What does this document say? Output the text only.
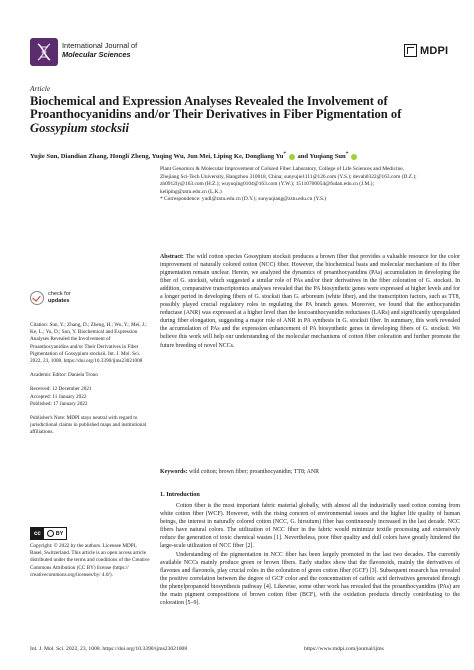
International Journal of
Molecular Sciences	MDPI
Article
Biochemical and Expression Analyses Revealed the Involvement of Proanthocyanidins and/or Their Derivatives in Fiber Pigmentation of Gossypium stocksii
Yujie Sun, Diandian Zhang, Hongli Zheng, Yuqing Wu, Jun Mei, Liping Ke, Dongliang Yu*  and Yuqiang Sun*
Plant Genomics & Molecular Improvement of Colored Fiber Laboratory, College of Life Sciences and Medicine,
Zhejiang Sci-Tech University, Hangzhou 310018, China; sunyujie1111@126.com (Y.S.); devah0322@163.com (D.Z.);
zh0912ly@163.com (H.Z.); wuyuqing0104@163.com (Y.W.); 15110700054@fudan.edu.cn (J.M.);
keliping@zstu.edu.cn (L.K.)
* Correspondence: yudl@zstu.edu.cn (D.Y.); sunyuqiang@zstu.edu.cn (Y.S.)
Abstract: The wild cotton species Gossypium stocksii produces a brown fiber that provides a valuable resource for the color improvement of naturally colored cotton (NCC) fiber. However, the biochemical basis and molecular mechanism of its fiber pigmentation remain unclear. Herein, we analyzed the dynamics of proanthocyanidins (PAs) accumulation in developing the fiber of G. stocksii, which suggested a similar role of PAs and/or their derivatives in the fiber coloration of G. stocksii. In addition, comparative transcriptomics analyses revealed that the PA biosynthetic genes were expressed at higher levels and for a longer period in developing fibers of G. stocksii than G. arboreum (white fiber), and the transcription factors, such as TT8, possibly played crucial regulatory roles in regulating the PA branch genes. Moreover, we found that the anthocyanidin reductase (ANR) was expressed at a higher level than the leucoanthocyanidin reductases (LARs) and significantly upregulated during fiber elongation, suggesting a major role of ANR in PA synthesis in G. stocksii fiber. In summary, this work revealed the accumulation of PAs and the expression enhancement of PA biosynthetic genes in developing fibers of G. stocksii. We believe this work will help our understanding of the molecular mechanisms of cotton fiber coloration and further promote the future breeding of novel NCCs.
Keywords: wild cotton; brown fiber; proanthocyanidin; TT8; ANR
1. Introduction

Cotton fiber is the most important fabric material globally, with almost all the industrially used cotton coming from white cotton fiber (WCF). However, with the rising concern of environmental issues and the higher life quality of human beings, the interest in naturally colored cotton (NCC, G. hirsutum) fiber has continuously increased in the last decade. NCC fibers have natural colors. The utilization of NCC fiber in the fabric would minimize textile processing and extensively reduce the generation of toxic chemical wastes [1]. Nevertheless, poor fiber quality and dull colors have greatly hindered the large-scale utilization of NCC fiber [2].

Understanding of the pigmentation in NCC fiber has been largely promoted in the last two decades. The currently available NCCs mainly produce green or brown fibers. Early studies show that the flavonoids, mainly the derivatives of flavones and flavonols, play crucial roles in the coloration of green cotton fiber (GCF) [3]. Subsequent research has revealed the positive correlation between the degree of GCF color and the concentration of caffeic acid derivatives generated through the phenylpropanoid biosynthesis pathway [4]. Likewise, some other work has revealed that the proanthocyanidins (PAs) are the main pigment compositions of brown cotton fiber (BCF), with the oxidation products directly contributing to the coloration [5–9].

check for
updates
Citation: Sun, Y.; Zhang, D.; Zheng, H.; Wu, Y.; Mei, J.; Ke, L.; Yu, D.; Sun, Y. Biochemical and Expression Analyses Revealed the Involvement of Proanthocyanidins and/or Their Derivatives in Fiber Pigmentation of Gossypium stocksii. Int. J. Mol. Sci. 2022, 23, 1008. https://doi.org/10.3390/ijms23021008
Academic Editor: Daniela Trono
Received: 12 December 2021
Accepted: 11 January 2022
Published: 17 January 2022
Publisher's Note: MDPI stays neutral with regard to jurisdictional claims in published maps and institutional affiliations.
cc	BY
Copyright: © 2022 by the authors. Licensee MDPI, Basel, Switzerland. This article is an open access article distributed under the terms and conditions of the Creative Commons Attribution (CC BY) license (https:// creativecommons.org/licenses/by/ 4.0/).
Int. J. Mol. Sci. 2022, 23, 1008. https://doi.org/10.3390/ijms23021008	https://www.mdpi.com/journal/ijms
